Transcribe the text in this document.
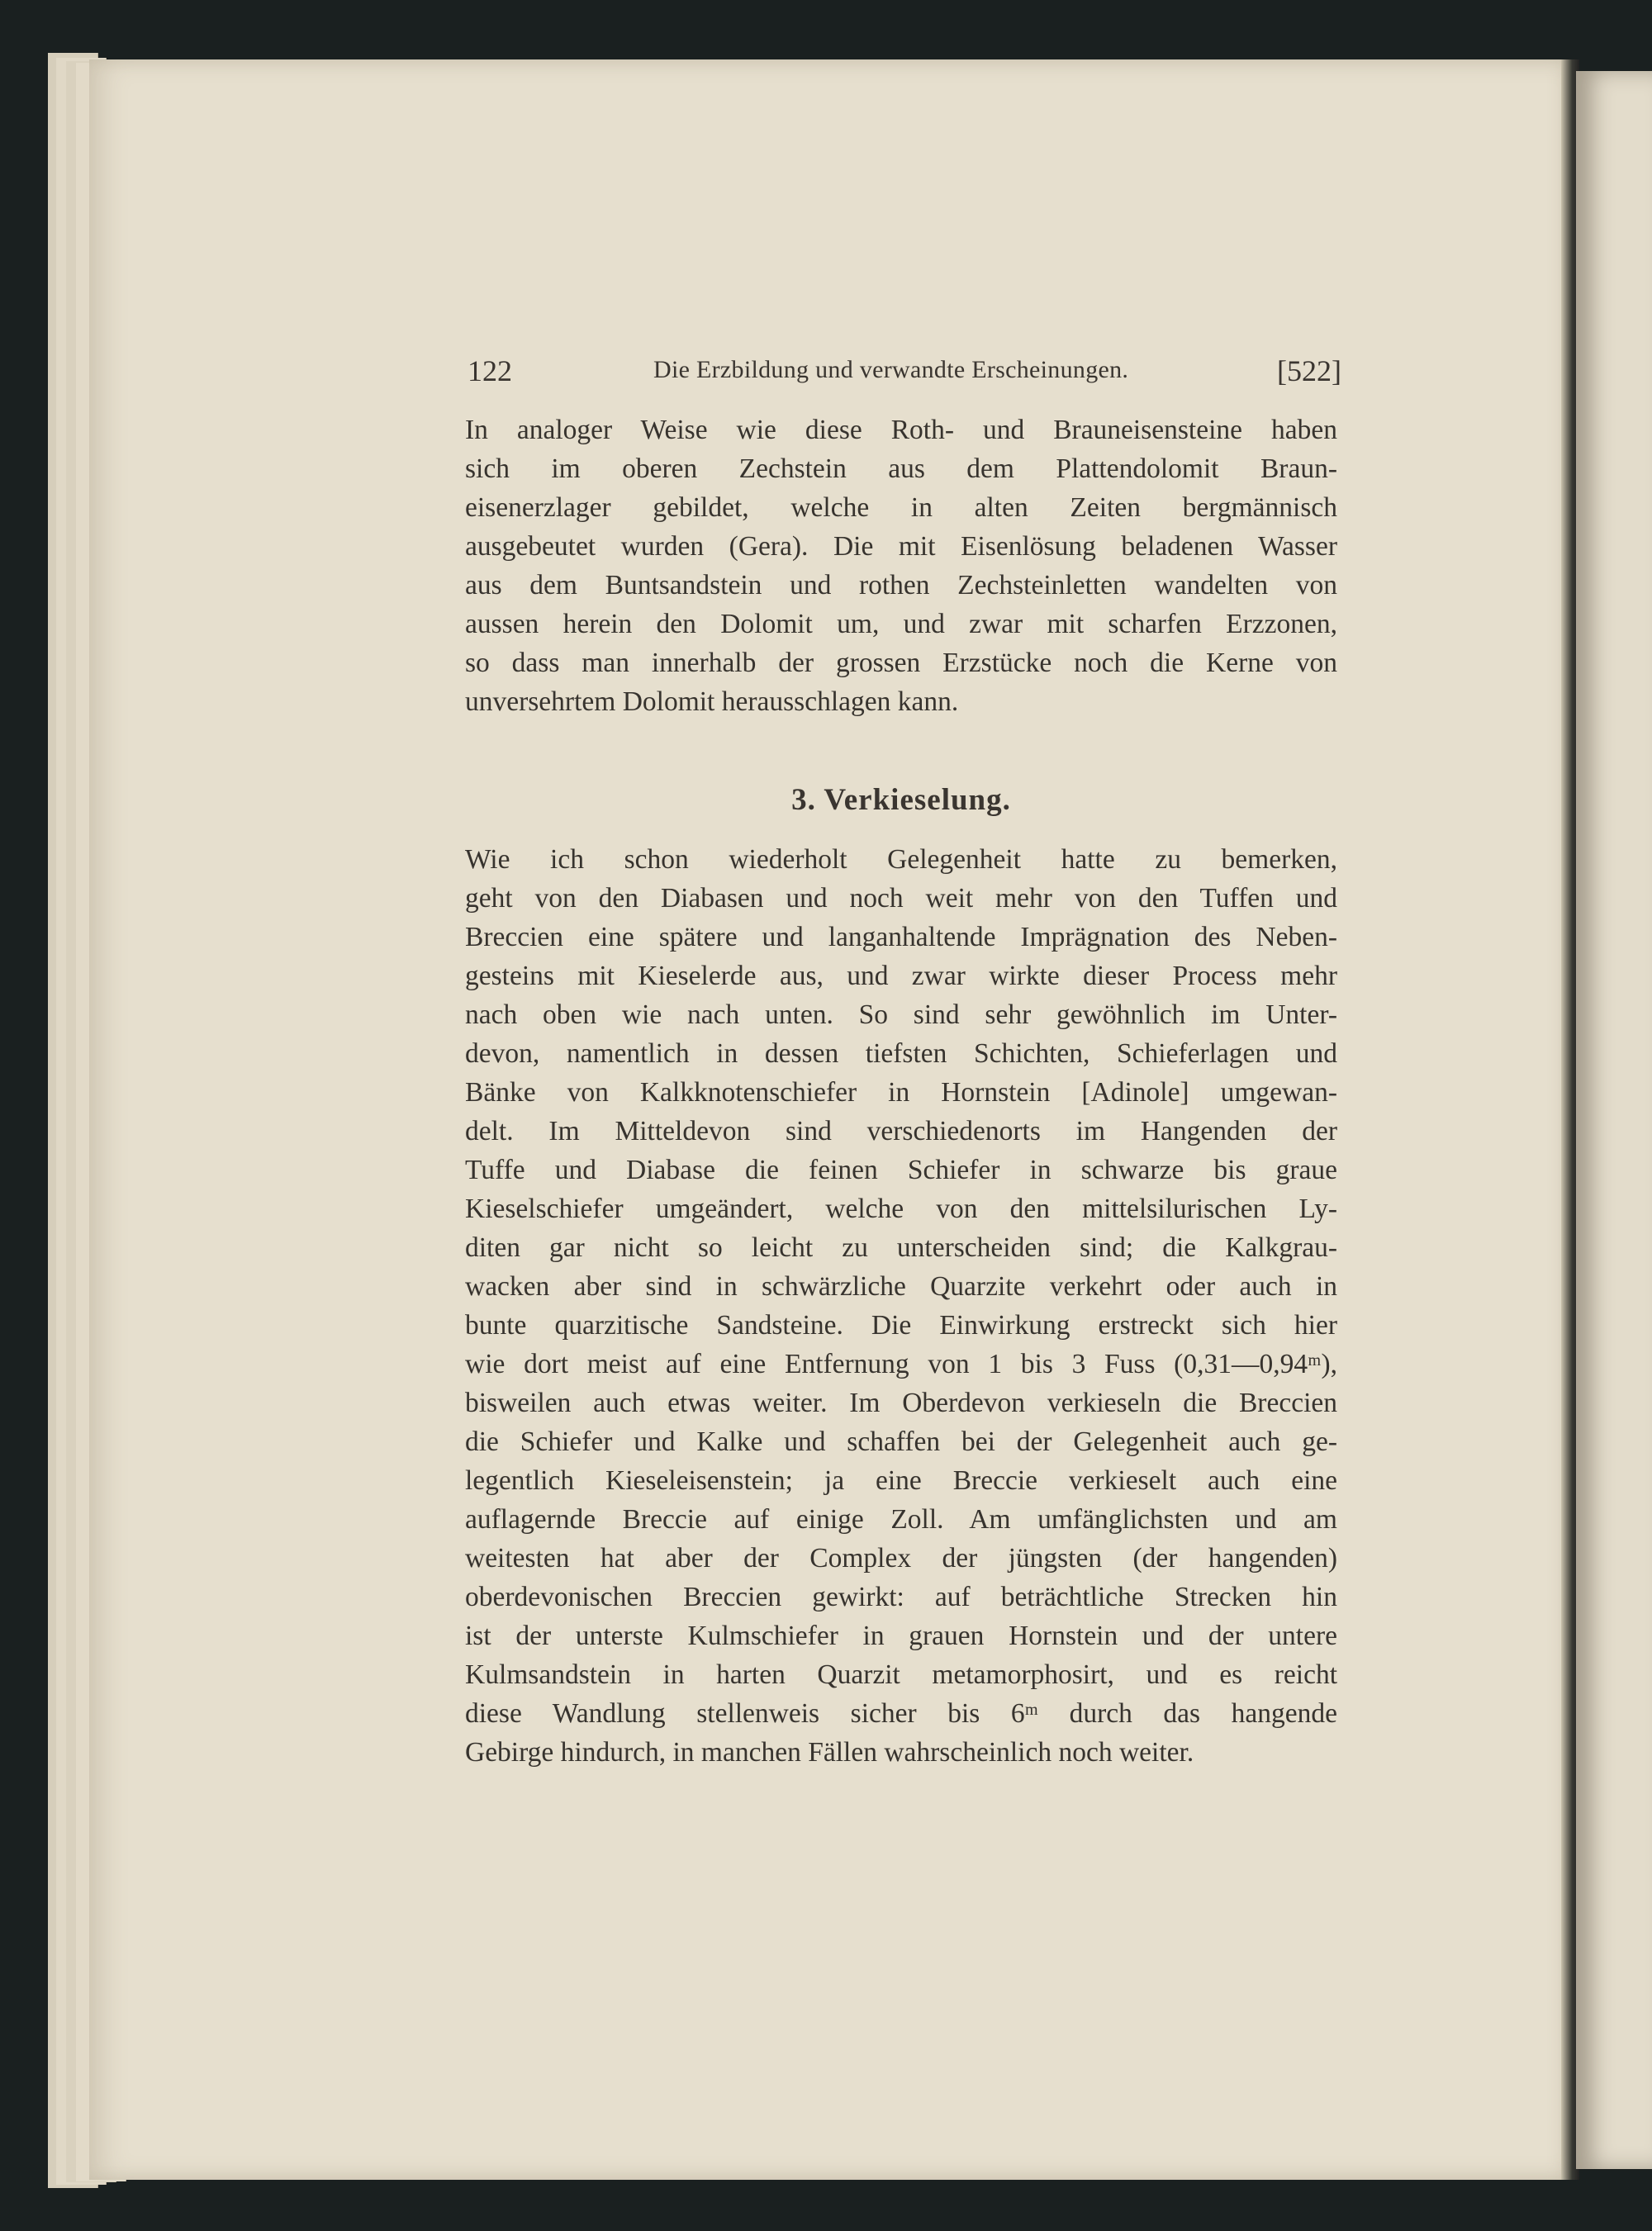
122	Die Erzbildung und verwandte Erscheinungen.	[522]
In analoger Weise wie diese Roth- und Brauneisensteine haben
sich im oberen Zechstein aus dem Plattendolomit Braun-
eisenerzlager gebildet, welche in alten Zeiten bergmännisch
ausgebeutet wurden (Gera). Die mit Eisenlösung beladenen Wasser
aus dem Buntsandstein und rothen Zechsteinletten wandelten von
aussen herein den Dolomit um, und zwar mit scharfen Erzzonen,
so dass man innerhalb der grossen Erzstücke noch die Kerne von
unversehrtem Dolomit herausschlagen kann.
3. Verkieselung.
Wie ich schon wiederholt Gelegenheit hatte zu bemerken,
geht von den Diabasen und noch weit mehr von den Tuffen und
Breccien eine spätere und langanhaltende Imprägnation des Neben-
gesteins mit Kieselerde aus, und zwar wirkte dieser Process mehr
nach oben wie nach unten. So sind sehr gewöhnlich im Unter-
devon, namentlich in dessen tiefsten Schichten, Schieferlagen und
Bänke von Kalkknotenschiefer in Hornstein [Adinole] umgewan-
delt. Im Mitteldevon sind verschiedenorts im Hangenden der
Tuffe und Diabase die feinen Schiefer in schwarze bis graue
Kieselschiefer umgeändert, welche von den mittelsilurischen Ly-
diten gar nicht so leicht zu unterscheiden sind; die Kalkgrau-
wacken aber sind in schwärzliche Quarzite verkehrt oder auch in
bunte quarzitische Sandsteine. Die Einwirkung erstreckt sich hier
wie dort meist auf eine Entfernung von 1 bis 3 Fuss (0,31—0,94ᵐ),
bisweilen auch etwas weiter. Im Oberdevon verkieseln die Breccien
die Schiefer und Kalke und schaffen bei der Gelegenheit auch ge-
legentlich Kieseleisenstein; ja eine Breccie verkieselt auch eine
auflagernde Breccie auf einige Zoll. Am umfänglichsten und am
weitesten hat aber der Complex der jüngsten (der hangenden)
oberdevonischen Breccien gewirkt: auf beträchtliche Strecken hin
ist der unterste Kulmschiefer in grauen Hornstein und der untere
Kulmsandstein in harten Quarzit metamorphosirt, und es reicht
diese Wandlung stellenweis sicher bis 6ᵐ durch das hangende
Gebirge hindurch, in manchen Fällen wahrscheinlich noch weiter.
